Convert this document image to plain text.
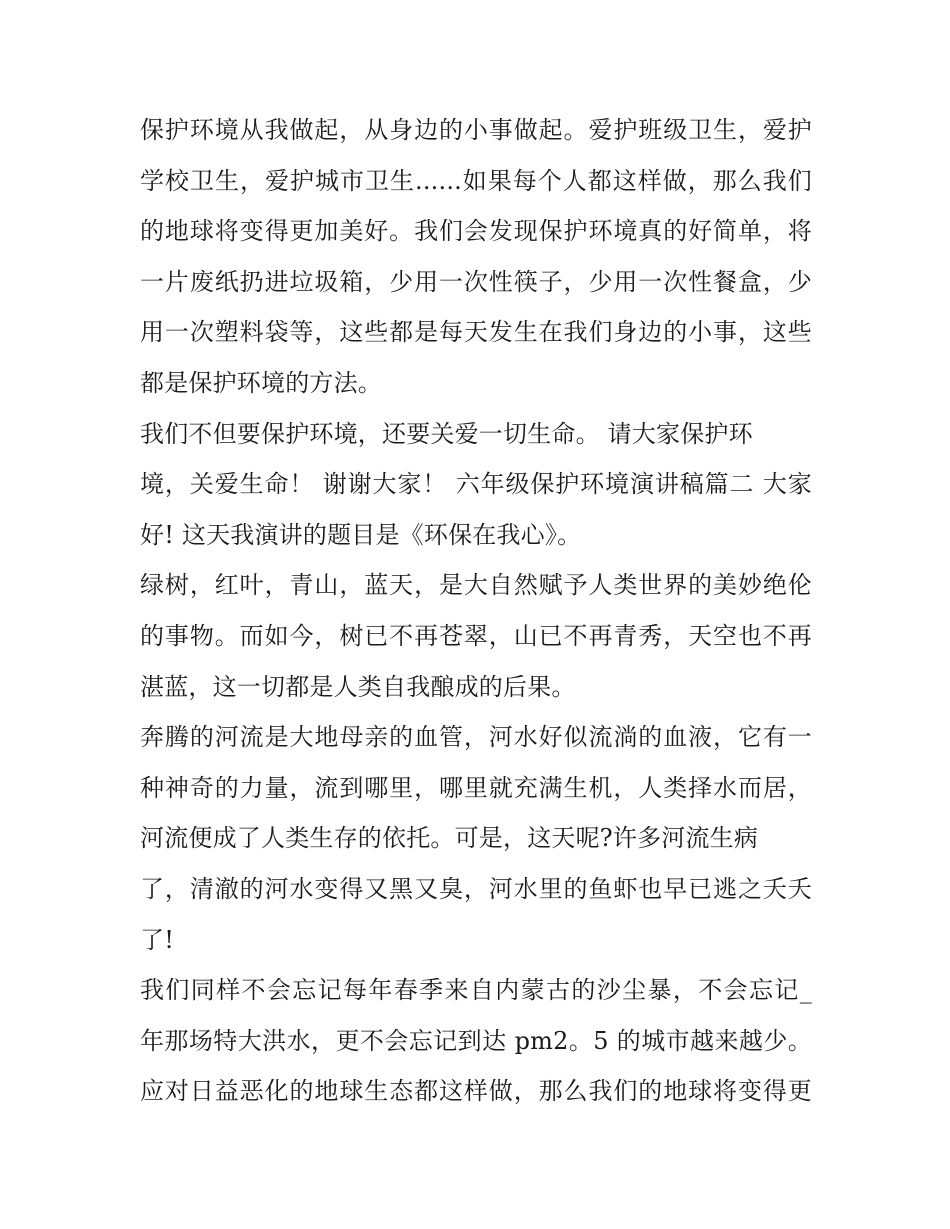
保护环境从我做起，从身边的小事做起。爱护班级卫生，爱护
学校卫生，爱护城市卫生......如果每个人都这样做，那么我们
的地球将变得更加美好。我们会发现保护环境真的好简单，将
一片废纸扔进垃圾箱，少用一次性筷子，少用一次性餐盒，少
用一次塑料袋等，这些都是每天发生在我们身边的小事，这些
都是保护环境的方法。
我们不但要保护环境，还要关爱一切生命。 请大家保护环
境，关爱生命！ 谢谢大家！ 六年级保护环境演讲稿篇二 大家
好! 这天我演讲的题目是《环保在我心》。
绿树，红叶，青山，蓝天，是大自然赋予人类世界的美妙绝伦
的事物。而如今，树已不再苍翠，山已不再青秀，天空也不再
湛蓝，这一切都是人类自我酿成的后果。
奔腾的河流是大地母亲的血管，河水好似流淌的血液，它有一
种神奇的力量，流到哪里，哪里就充满生机，人类择水而居，
河流便成了人类生存的依托。可是，这天呢?许多河流生病
了，清澈的河水变得又黑又臭，河水里的鱼虾也早已逃之夭夭
了!
我们同样不会忘记每年春季来自内蒙古的沙尘暴，不会忘记_
年那场特大洪水，更不会忘记到达 pm2。5 的城市越来越少。
应对日益恶化的地球生态都这样做，那么我们的地球将变得更
